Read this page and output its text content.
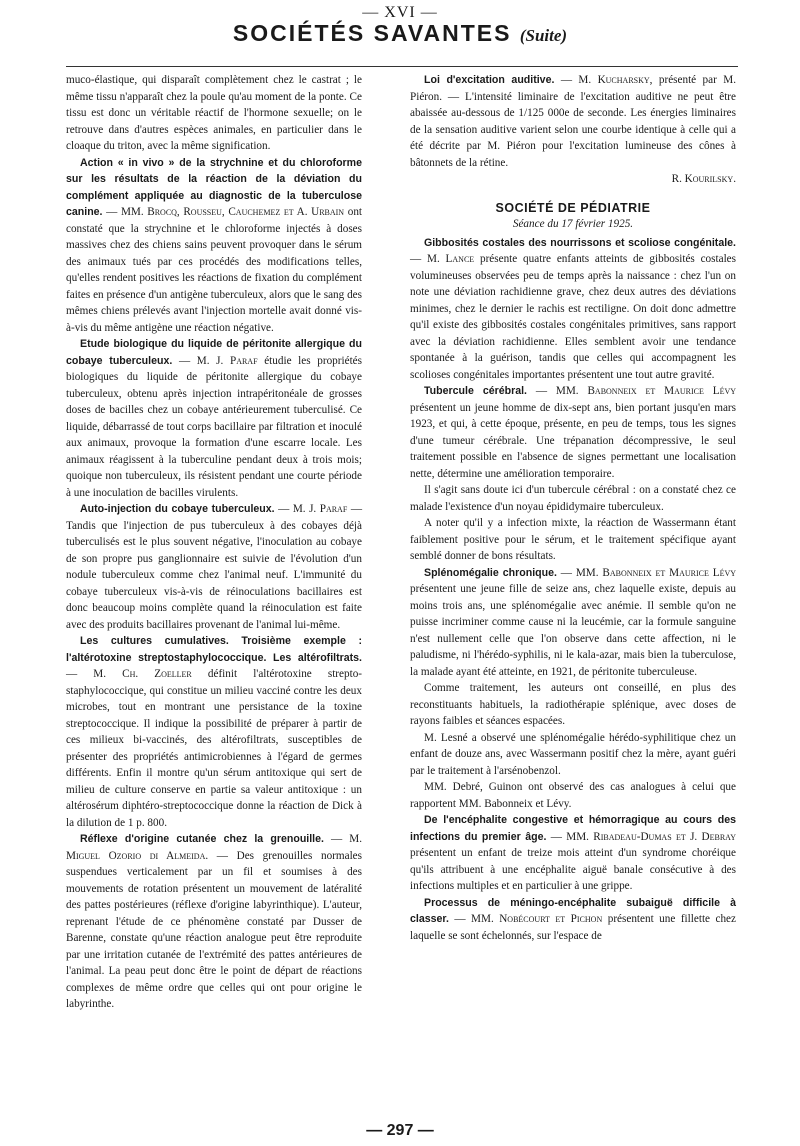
— XVI —
SOCIÉTÉS SAVANTES (Suite)

muco-élastique, qui disparaît complètement chez le castrat ; le même tissu n'apparaît chez la poule qu'au moment de la ponte. Ce tissu est donc un véritable réactif de l'hormone sexuelle; on le retrouve dans d'autres espèces animales, en particulier dans le cloaque du triton, avec la même signification.

Action « in vivo » de la strychnine et du chloroforme sur les résultats de la réaction de la déviation du complément appliquée au diagnostic de la tuberculose canine. — MM. Brocq, Rousseu, Cauchemez et A. Urbain ont constaté que la strychnine et le chloroforme injectés à doses massives chez des chiens sains peuvent provoquer dans le sérum des animaux tués par ces procédés des modifications telles, qu'elles rendent positives les réactions de fixation du complément faites en présence d'un antigène tuberculeux, alors que le sang des mêmes chiens prélevés avant l'injection mortelle avait donné vis-à-vis du même antigène une réaction négative.

Etude biologique du liquide de péritonite allergique du cobaye tuberculeux. — M. J. Paraf étudie les propriétés biologiques du liquide de péritonite allergique du cobaye tuberculeux, obtenu après injection intrapéritonéale de grosses doses de bacilles chez un cobaye antérieurement tuberculisé. Ce liquide, débarrassé de tout corps bacillaire par filtration et inoculé aux animaux, provoque la formation d'une escarre locale. Les animaux réagissent à la tuberculine pendant deux à trois mois; quoique non tuberculeux, ils résistent pendant une courte période à une inoculation de bacilles virulents.

Auto-injection du cobaye tuberculeux. — M. J. Paraf — Tandis que l'injection de pus tuberculeux à des cobayes déjà tuberculisés est le plus souvent négative, l'inoculation au cobaye de son propre pus ganglionnaire est suivie de l'évolution d'un nodule tuberculeux comme chez l'animal neuf. L'immunité du cobaye tuberculeux vis-à-vis de réinoculations bacillaires est donc beaucoup moins complète quand la réinoculation est faite avec des produits bacillaires provenant de l'animal lui-même.

Les cultures cumulatives. Troisième exemple : l'altérotoxine streptostaphylococcique. Les altérofiltrats. — M. Ch. Zoeller définit l'altérotoxine strepto-staphylococcique, qui constitue un milieu vacciné contre les deux microbes, tout en montrant une persistance de la toxine streptococcique. Il indique la possibilité de préparer à partir de ces milieux bi-vaccinés, des altérofiltrats, susceptibles de présenter des propriétés antimicrobiennes à l'égard de germes différents. Enfin il montre qu'un sérum antitoxique qui sert de milieu de culture conserve en partie sa valeur antitoxique : un altérosérum diphtéro-streptococcique donne la réaction de Dick à la dilution de 1 p. 800.

Réflexe d'origine cutanée chez la grenouille. — M. Miguel Ozorio di Almeida. — Des grenouilles normales suspendues verticalement par un fil et soumises à des mouvements de rotation présentent un mouvement de latéralité des pattes postérieures (réflexe d'origine labyrinthique). L'auteur, reprenant l'étude de ce phénomène constaté par Dusser de Barenne, constate qu'une réaction analogue peut être reproduite par une irritation cutanée de l'extrémité des pattes antérieures de l'animal. La peau peut donc être le point de départ de réactions complexes de même ordre que celles qui ont pour origine le labyrinthe.

Loi d'excitation auditive. — M. Kucharsky, présenté par M. Piéron. — L'intensité liminaire de l'excitation auditive ne peut être abaissée au-dessous de 1/125 000e de seconde. Les énergies liminaires de la sensation auditive varient selon une courbe identique à celle qui a été décrite par M. Piéron pour l'excitation lumineuse des cônes à bâtonnets de la rétine.

R. Kourilsky.

SOCIÉTÉ DE PÉDIATRIE
Séance du 17 février 1925.

Gibbosités costales des nourrissons et scoliose congénitale. — M. Lance présente quatre enfants atteints de gibbosités costales volumineuses observées peu de temps après la naissance : chez l'un on note une déviation rachidienne grave, chez deux autres des déviations minimes, chez le dernier le rachis est rectiligne. On doit donc admettre qu'il existe des gibbosités costales congénitales primitives, sans rapport avec la déviation rachidienne. Elles semblent avoir une tendance spontanée à la guérison, tandis que celles qui accompagnent les scolioses congénitales importantes présentent une tout autre gravité.

Tubercule cérébral. — MM. Babonneix et Maurice Lévy présentent un jeune homme de dix-sept ans, bien portant jusqu'en mars 1923, et qui, à cette époque, présente, en peu de temps, tous les signes d'une tumeur cérébrale. Une trépanation décompressive, le seul traitement possible en l'absence de signes permettant une localisation nette, détermine une amélioration temporaire.

Il s'agit sans doute ici d'un tubercule cérébral : on a constaté chez ce malade l'existence d'un noyau épididymaire tuberculeux.

A noter qu'il y a infection mixte, la réaction de Wassermann étant faiblement positive pour le sérum, et le traitement spécifique ayant semblé donner de bons résultats.

Splénomégalie chronique. — MM. Babonneix et Maurice Lévy présentent une jeune fille de seize ans, chez laquelle existe, depuis au moins trois ans, une splénomégalie avec anémie. Il semble qu'on ne puisse incriminer comme cause ni la leucémie, car la formule sanguine n'est nullement celle que l'on observe dans cette affection, ni le paludisme, ni l'hérédo-syphilis, ni le kala-azar, mais bien la tuberculose, la malade ayant été atteinte, en 1921, de péritonite tuberculeuse.

Comme traitement, les auteurs ont conseillé, en plus des reconstituants habituels, la radiothérapie splénique, avec doses de rayons faibles et séances espacées.

M. Lesné a observé une splénomégalie hérédo-syphilitique chez un enfant de douze ans, avec Wassermann positif chez la mère, ayant guéri par le traitement à l'arsénobenzol.

MM. Debré, Guinon ont observé des cas analogues à celui que rapportent MM. Babonneix et Lévy.

De l'encéphalite congestive et hémorragique au cours des infections du premier âge. — MM. Ribadeau-Dumas et J. Debray présentent un enfant de treize mois atteint d'un syndrome choréique qu'ils attribuent à une encéphalite aiguë banale consécutive à des infections multiples et en particulier à une grippe.

Processus de méningo-encéphalite subaiguë difficile à classer. — MM. Nobécourt et Pichon présentent une fillette chez laquelle se sont échelonnés, sur l'espace de

— 297 —
